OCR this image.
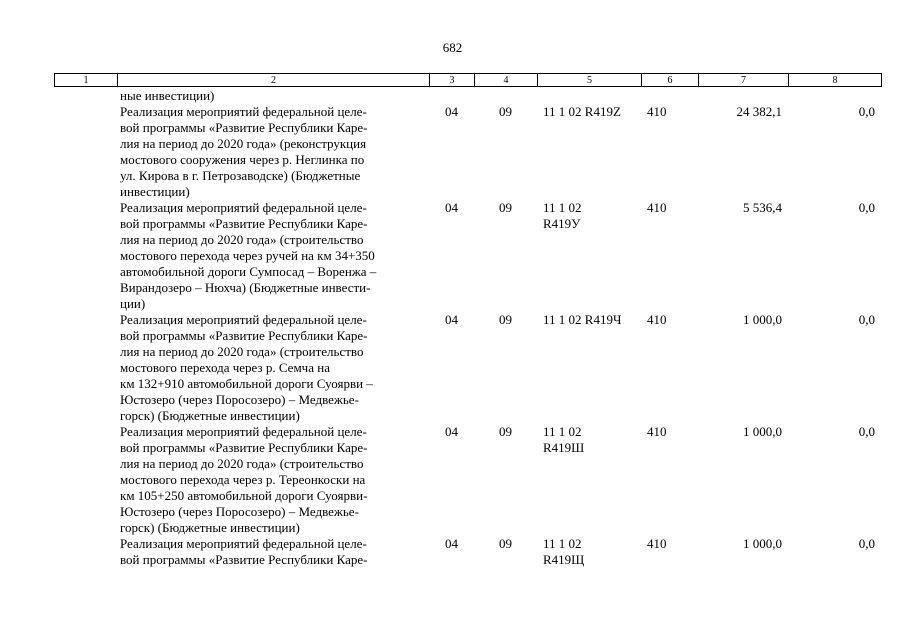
682
1	2	3	4	5	6	7	8
ные инвестиции)
Реализация мероприятий федеральной целе-
вой программы «Развитие Республики Каре-
лия на период до 2020 года» (реконструкция
мостового сооружения через р. Неглинка по
ул. Кирова в г. Петрозаводске) (Бюджетные
инвестиции)
04	09	11 1 02 R419Z	410	24 382,1	0,0
Реализация мероприятий федеральной целе-
вой программы «Развитие Республики Каре-
лия на период до 2020 года» (строительство
мостового перехода через ручей на км 34+350
автомобильной дороги Сумпосад – Воренжа –
Вирандозеро – Нюхча) (Бюджетные инвести-
ции)
04	09	11 1 02
R419У
410	5 536,4	0,0
Реализация мероприятий федеральной целе-
вой программы «Развитие Республики Каре-
лия на период до 2020 года» (строительство
мостового перехода через р. Семча на
км 132+910 автомобильной дороги Суоярви –
Юстозеро (через Поросозеро) – Медвежье-
горск) (Бюджетные инвестиции)
04	09	11 1 02 R419Ч	410	1 000,0	0,0
Реализация мероприятий федеральной целе-
вой программы «Развитие Республики Каре-
лия на период до 2020 года» (строительство
мостового перехода через р. Тереонкоски на
км 105+250 автомобильной дороги Суоярви-
Юстозеро (через Поросозеро) – Медвежье-
горск) (Бюджетные инвестиции)
04	09	11 1 02
R419Ш
410	1 000,0	0,0
Реализация мероприятий федеральной целе-
вой программы «Развитие Республики Каре-
04	09	11 1 02
R419Щ
410	1 000,0	0,0
